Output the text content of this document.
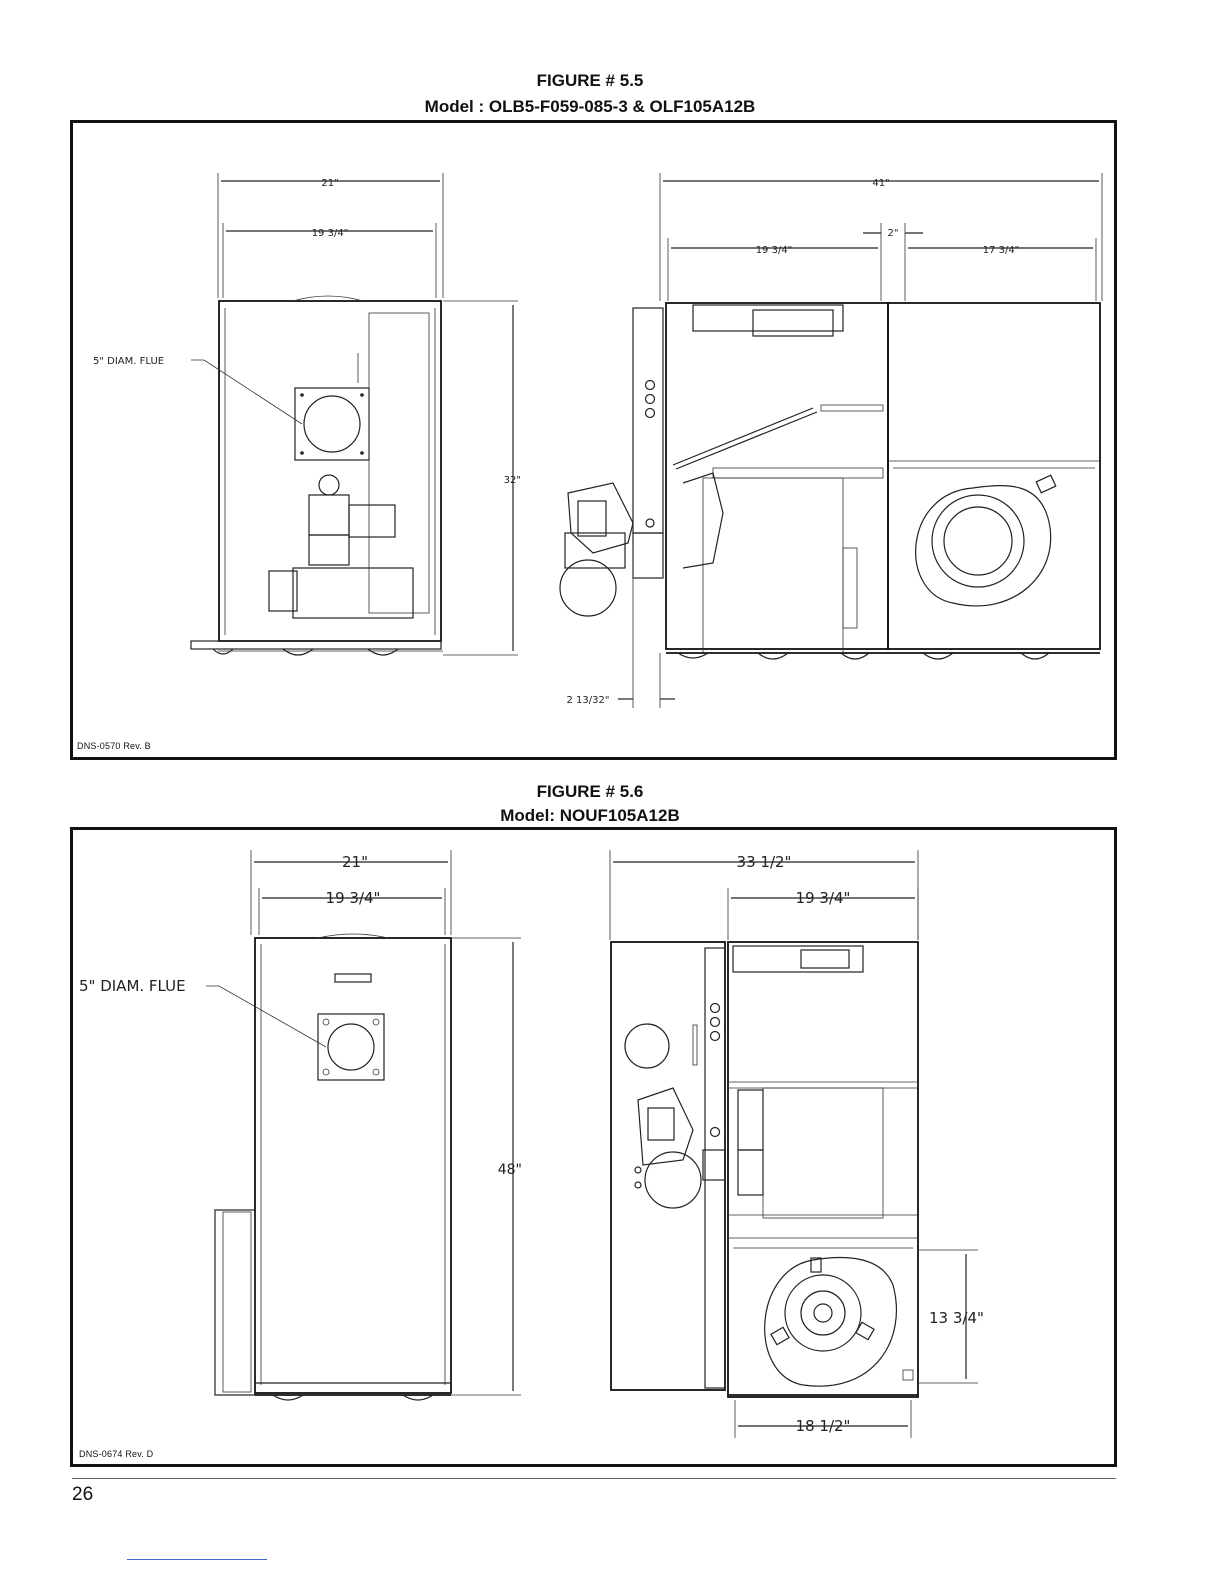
FIGURE # 5.5
Model : OLB5-F059-085-3 & OLF105A12B
21"
19 3/4"
5" DIAM. FLUE
32"
41"
2"
19 3/4"	17 3/4"
2 13/32"
DNS-0570 Rev. B
FIGURE # 5.6
Model: NOUF105A12B
21"
19 3/4"
5" DIAM. FLUE
48"
33 1/2"
19 3/4"
13 3/4"
18 1/2"
DNS-0674 Rev. D
26
